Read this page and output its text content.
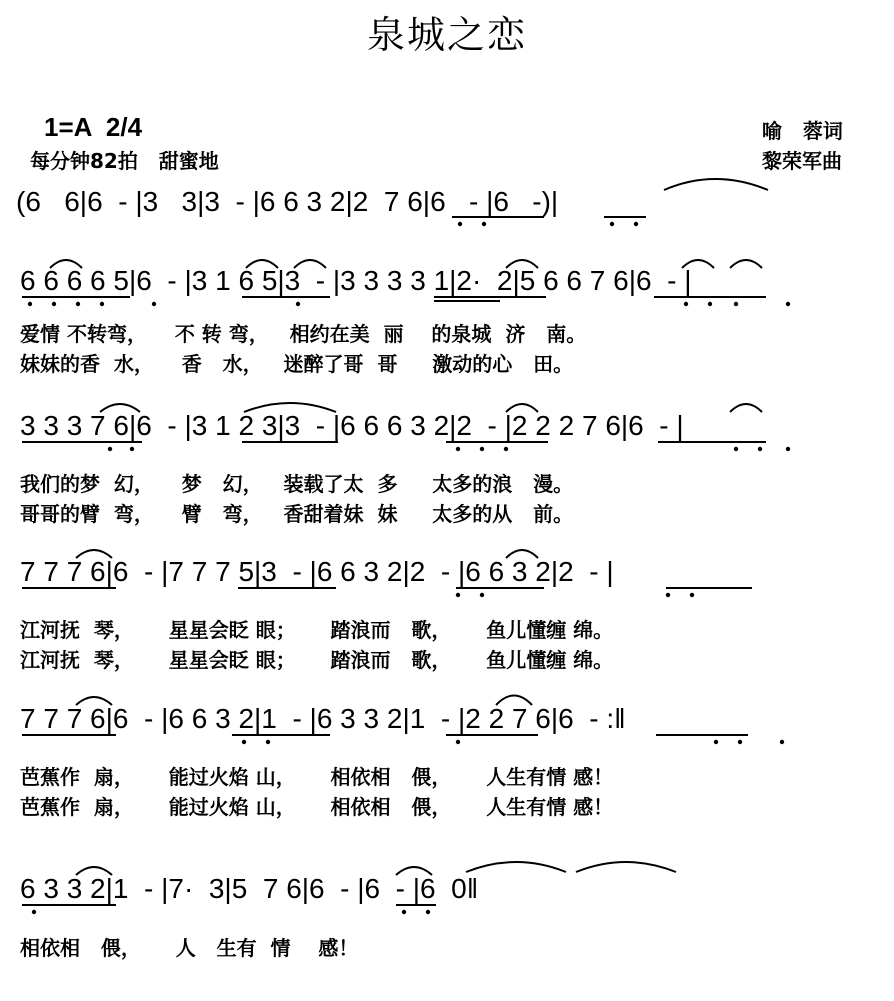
泉城之恋
1=A  2/4
每分钟82拍   甜蜜地
喻   蓉词
黎荣军曲
(6   6|6  - |3   3|3  - |6 6 3 2|2  7 6|6   - |6   -)|
6 6 6 6 5|6  - |3 1 6 5|3  - |3 3 3 3 1|2·  2|5 6 6 7 6|6  - |
3 3 3 7 6|6  - |3 1 2 3|3  - |6 6 6 3 2|2  - |2 2 2 7 6|6  - |
7 7 7 6|6  - |7 7 7 5|3  - |6 6 3 2|2  - |6 6 3 2|2  - |
7 7 7 6|6  - |6 6 3 2|1  - |6 3 3 2|1  - |2 2 7 6|6  - :‖
6 3 3 2|1  - |7·  3|5  7 6|6  - |6  - |6  0‖
爱情 不转弯，    不 转 弯，   相约在美  丽    的泉城  济   南。
妹妹的香  水，    香   水，   迷醉了哥  哥     激动的心   田。
我们的梦  幻，    梦   幻，   装载了太  多     太多的浪   漫。
哥哥的臂  弯，    臂   弯，   香甜着妹  妹     太多的从   前。
江河抚  琴，     星星会眨 眼；     踏浪而   歌，     鱼儿懂缠 绵。
江河抚  琴，     星星会眨 眼；     踏浪而   歌，     鱼儿懂缠 绵。
芭蕉作  扇，     能过火焰 山，     相依相   偎，     人生有情 感！
芭蕉作  扇，     能过火焰 山，     相依相   偎，     人生有情 感！
相依相   偎，     人   生有  情    感！
